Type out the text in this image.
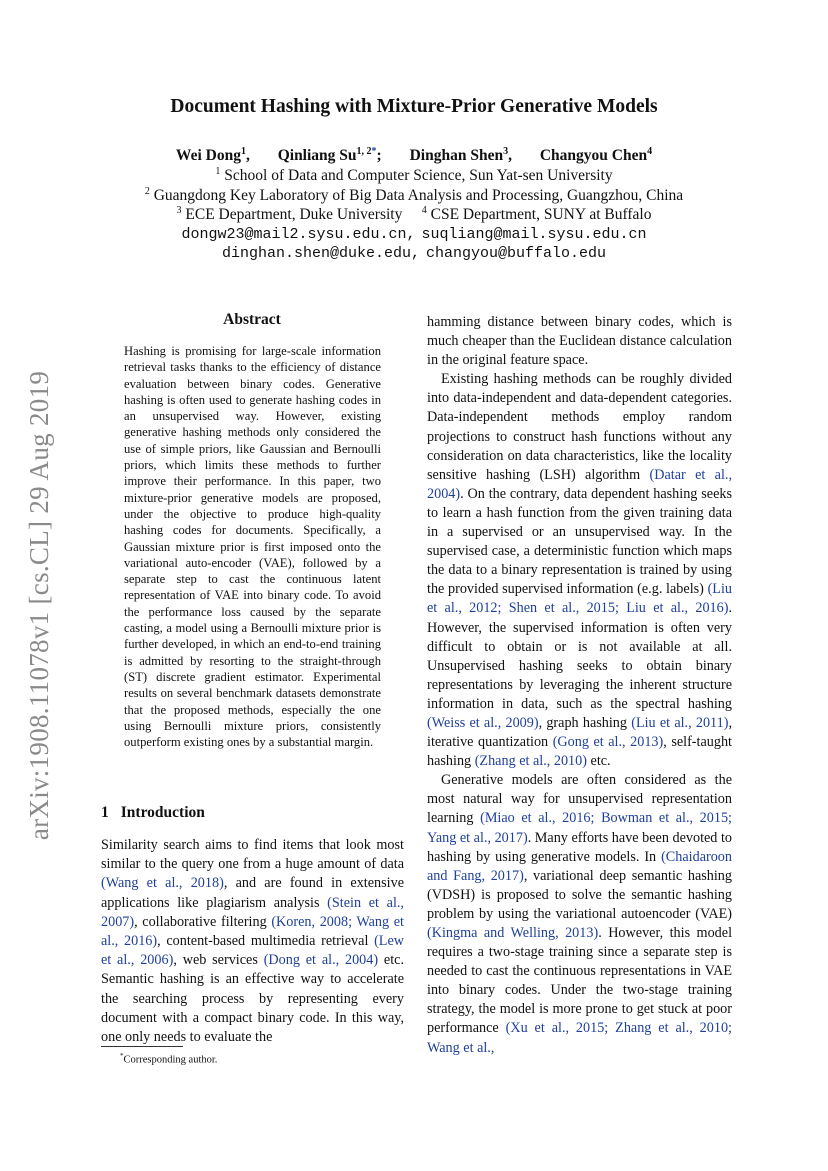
arXiv:1908.11078v1 [cs.CL] 29 Aug 2019
Document Hashing with Mixture-Prior Generative Models
Wei Dong$^1$, Qinliang $Su^{1, 2*}$; Dinghan Shen$^3$, Changyou Chen$^4$
$^1$ School of Data and Computer Science, Sun Yat-sen University
$^2$ Guangdong Key Laboratory of Big Data Analysis and Processing, Guangzhou, China
$^3$ ECE Department, Duke University $^4$ CSE Department, SUNY at Buffalo
dongw23@mail2.sysu.edu.cn, suqliang@mail.sysu.edu.cn
dinghan.shen@duke.edu, changyou@buffalo.edu
Abstract

Hashing is promising for large-scale information retrieval tasks thanks to the efficiency of distance evaluation between binary codes. Generative hashing is often used to generate hashing codes in an unsupervised way. However, existing generative hashing methods only considered the use of simple priors, like Gaussian and Bernoulli priors, which limits these methods to further improve their performance. In this paper, two mixture-prior generative models are proposed, under the objective to produce high-quality hashing codes for documents. Specifically, a Gaussian mixture prior is first imposed onto the variational auto-encoder (VAE), followed by a separate step to cast the continuous latent representation of VAE into binary code. To avoid the performance loss caused by the separate casting, a model using a Bernoulli mixture prior is further developed, in which an end-to-end training is admitted by resorting to the straight-through (ST) discrete gradient estimator. Experimental results on several benchmark datasets demonstrate that the proposed methods, especially the one using Bernoulli mixture priors, consistently outperform existing ones by a substantial margin.

1 Introduction
Similarity search aims to find items that look most similar to the query one from a huge amount of data (Wang et al., 2018), and are found in extensive applications like plagiarism analysis (Stein et al., 2007), collaborative filtering (Koren, 2008; Wang et al., 2016), content-based multimedia retrieval (Lew et al., 2006), web services (Dong et al., 2004) etc. Semantic hashing is an effective way to accelerate the searching process by representing every document with a compact binary code. In this way, one only needs to evaluate the

hamming distance between binary codes, which is much cheaper than the Euclidean distance calculation in the original feature space.

Existing hashing methods can be roughly divided into data-independent and data-dependent categories. Data-independent methods employ random projections to construct hash functions without any consideration on data characteristics, like the locality sensitive hashing (LSH) algorithm (Datar et al., 2004). On the contrary, data dependent hashing seeks to learn a hash function from the given training data in a supervised or an unsupervised way. In the supervised case, a deterministic function which maps the data to a binary representation is trained by using the provided supervised information (e.g. labels) (Liu et al., 2012; Shen et al., 2015; Liu et al., 2016). However, the supervised information is often very difficult to obtain or is not available at all. Unsupervised hashing seeks to obtain binary representations by leveraging the inherent structure information in data, such as the spectral hashing (Weiss et al., 2009), graph hashing (Liu et al., 2011), iterative quantization (Gong et al., 2013), self-taught hashing (Zhang et al., 2010) etc.

Generative models are often considered as the most natural way for unsupervised representation learning (Miao et al., 2016; Bowman et al., 2015; Yang et al., 2017). Many efforts have been devoted to hashing by using generative models. In (Chaidaroon and Fang, 2017), variational deep semantic hashing (VDSH) is proposed to solve the semantic hashing problem by using the variational autoencoder (VAE) (Kingma and Welling, 2013). However, this model requires a two-stage training since a separate step is needed to cast the continuous representations in VAE into binary codes. Under the two-stage training strategy, the model is more prone to get stuck at poor performance (Xu et al., 2015; Zhang et al., 2010; Wang et al.,

*Corresponding author.
